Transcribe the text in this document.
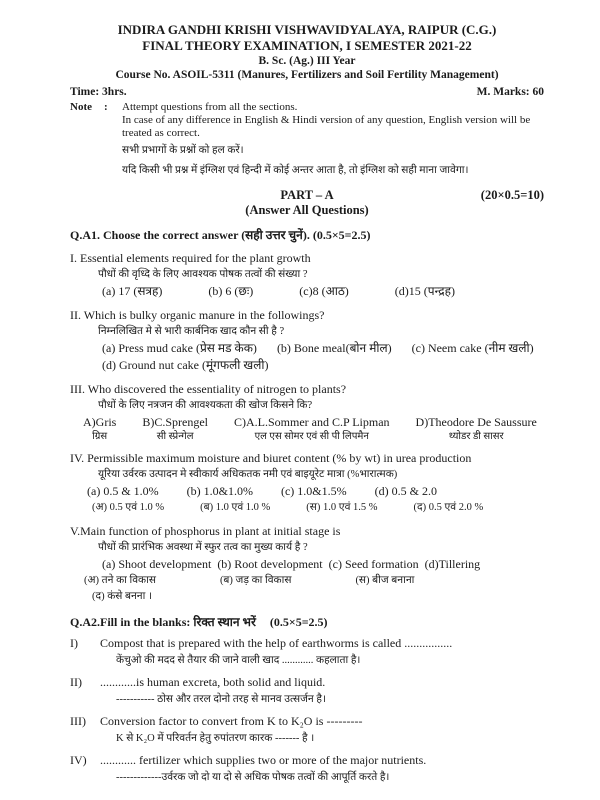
INDIRA GANDHI KRISHI VISHWAVIDYALAYA, RAIPUR (C.G.)
FINAL THEORY EXAMINATION, I SEMESTER 2021-22
B. Sc. (Ag.) III Year
Course No. ASOIL-5311 (Manures, Fertilizers and Soil Fertility Management)
Time: 3hrs.	M. Marks: 60
Note	:	Attempt questions from all the sections.
In case of any difference in English & Hindi version of any question, English version will be treated as correct.
सभी प्रभागों के प्रश्नों को हल करें।
यदि किसी भी प्रश्न में इंग्लिश एवं हिन्दी में कोई अन्तर आता है, तो इंग्लिश को सही माना जावेगा।
PART – A	(20×0.5=10)
(Answer All Questions)
Q.A1. Choose the correct answer (सही उत्तर चुनें). (0.5×5=2.5)
I. Essential elements required for the plant growth
पौधों की वृध्दि के लिए आवश्यक पोषक तत्वों की संख्या ?
(a) 17 (सत्रह)	(b) 6 (छः)	(c)8 (आठ)	(d)15 (पन्द्रह)
II. Which is bulky organic manure in the followings?
निम्नलिखित मे से भारी कार्बनिक खाद कौन सी है ?
(a) Press mud cake (प्रेस मड केक) (b) Bone meal(बोन मील) (c) Neem cake (नीम खली)
(d) Ground nut cake (मूंगफली खली)
III. Who discovered the essentiality of nitrogen to plants?
पौधों के लिए नत्रजन की आवश्यकता की खोज किसने कि?
A)Gris
ग्रिस
B)C.Sprengel
सी स्प्रेन्गेल
C)A.L.Sommer and C.P Lipman
एल एस सोमर एवं सी पी लिपमैन
D)Theodore De Saussure
थ्योडर डी सासर
IV. Permissible maximum moisture and biuret content (% by wt) in urea production
यूरिया उर्वरक उत्पादन मे स्वीकार्य अधिकतक नमी एवं बाइयूरेट मात्रा (%भारात्मक)
(a) 0.5 & 1.0% (b) 1.0&1.0% (c) 1.0&1.5% (d) 0.5 & 2.0
(अ) 0.5 एवं 1.0 %	(ब) 1.0 एवं 1.0 %	(स) 1.0 एवं 1.5 %	(द) 0.5 एवं 2.0 %
V.Main function of phosphorus in plant at initial stage is
पौधों की प्रारंभिक अवस्था में स्फुर तत्व का मुख्य कार्य है ?
(a) Shoot development (b) Root development (c) Seed formation (d)Tillering
(अ) तने का विकास	(ब) जड़ का विकास	(स) बीज बनाना
(द) कंसे बनना ।
Q.A2.Fill in the blanks: रिक्त स्थान भरें (0.5×5=2.5)
I)	Compost that is prepared with the help of earthworms is called ................
केंचुओ की मदद से तैयार की जाने वाली खाद ............ कहलाता है।
II)	............is human excreta, both solid and liquid.
----------- ठोस और तरल दोनो तरह से मानव उत्सर्जन है।
III)	Conversion factor to convert from K to K₂O is ---------
K से K₂O में परिवर्तन हेतु रुपांतरण कारक ------- है ।
IV)	............ fertilizer which supplies two or more of the major nutrients.
-------------उर्वरक जो दो या दो से अधिक पोषक तत्वों की आपूर्ति करते है।
